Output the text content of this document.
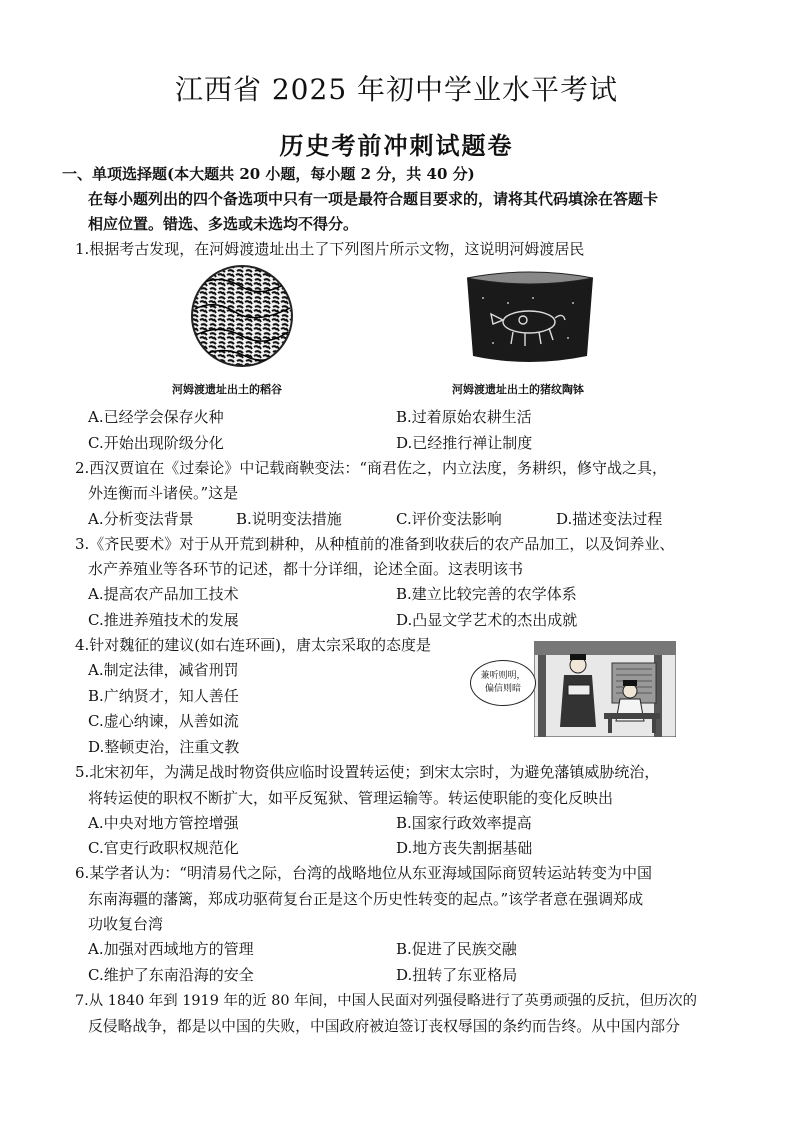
江西省 2025 年初中学业水平考试
历史考前冲刺试题卷
一、单项选择题(本大题共 20 小题，每小题 2 分，共 40 分)
在每小题列出的四个备选项中只有一项是最符合题目要求的，请将其代码填涂在答题卡
相应位置。错选、多选或未选均不得分。
1.根据考古发现，在河姆渡遗址出土了下列图片所示文物，这说明河姆渡居民
河姆渡遗址出土的稻谷	河姆渡遗址出土的猪纹陶钵
A.已经学会保存火种	B.过着原始农耕生活
C.开始出现阶级分化	D.已经推行禅让制度
2.西汉贾谊在《过秦论》中记载商鞅变法：“商君佐之，内立法度，务耕织，修守战之具，
外连衡而斗诸侯。”这是
A.分析变法背景	B.说明变法措施	C.评价变法影响	D.描述变法过程
3.《齐民要术》对于从开荒到耕种，从种植前的准备到收获后的农产品加工，以及饲养业、
水产养殖业等各环节的记述，都十分详细，论述全面。这表明该书
A.提高农产品加工技术	B.建立比较完善的农学体系
C.推进养殖技术的发展	D.凸显文学艺术的杰出成就
4.针对魏征的建议(如右连环画)，唐太宗采取的态度是
A.制定法律，减省刑罚
B.广纳贤才，知人善任
C.虚心纳谏，从善如流
D.整顿吏治，注重文教
兼听则明，
偏信则暗
5.北宋初年，为满足战时物资供应临时设置转运使；到宋太宗时，为避免藩镇威胁统治，
将转运使的职权不断扩大，如平反冤狱、管理运输等。转运使职能的变化反映出
A.中央对地方管控增强	B.国家行政效率提高
C.官吏行政职权规范化	D.地方丧失割据基础
6.某学者认为：“明清易代之际，台湾的战略地位从东亚海域国际商贸转运站转变为中国
东南海疆的藩篱，郑成功驱荷复台正是这个历史性转变的起点。”该学者意在强调郑成
功收复台湾
A.加强对西域地方的管理	B.促进了民族交融
C.维护了东南沿海的安全	D.扭转了东亚格局
7.从 1840 年到 1919 年的近 80 年间，中国人民面对列强侵略进行了英勇顽强的反抗，但历次的
反侵略战争，都是以中国的失败，中国政府被迫签订丧权辱国的条约而告终。从中国内部分
